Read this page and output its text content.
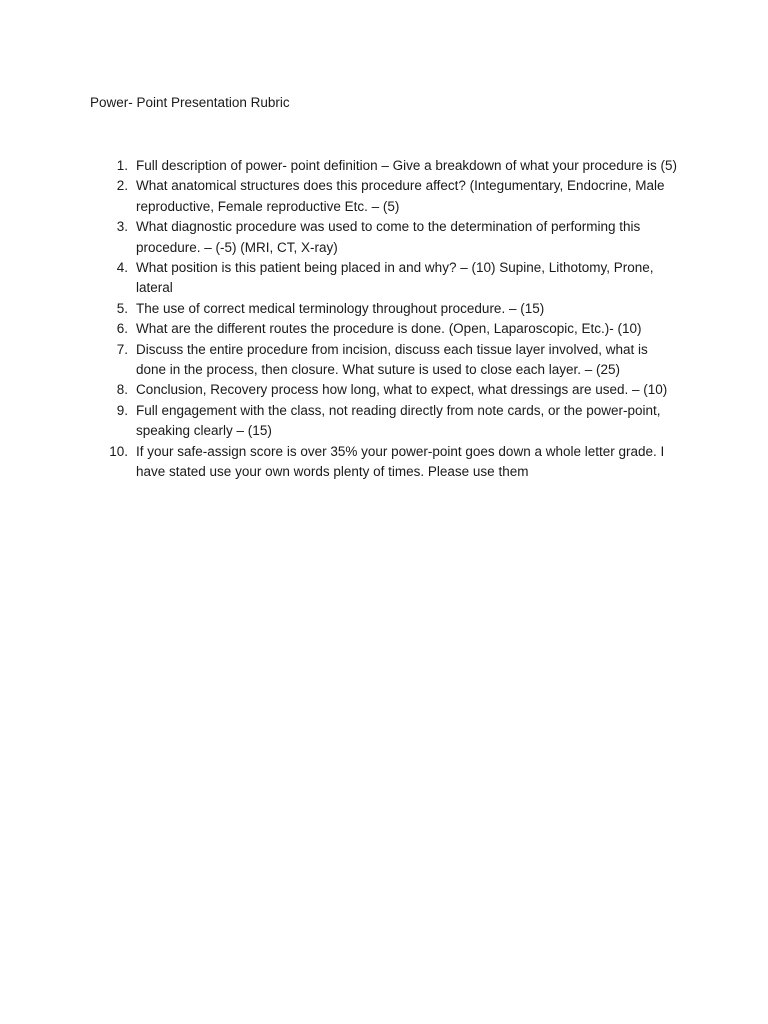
Power- Point Presentation Rubric
1. Full description of power- point definition – Give a breakdown of what your procedure is (5)
2. What anatomical structures does this procedure affect? (Integumentary, Endocrine, Male reproductive, Female reproductive Etc. – (5)
3. What diagnostic procedure was used to come to the determination of performing this procedure. – (-5) (MRI, CT, X-ray)
4. What position is this patient being placed in and why? – (10) Supine, Lithotomy, Prone, lateral
5. The use of correct medical terminology throughout procedure. – (15)
6. What are the different routes the procedure is done. (Open, Laparoscopic, Etc.)- (10)
7. Discuss the entire procedure from incision, discuss each tissue layer involved, what is done in the process, then closure. What suture is used to close each layer. – (25)
8. Conclusion, Recovery process how long, what to expect, what dressings are used. – (10)
9. Full engagement with the class, not reading directly from note cards, or the power-point, speaking clearly – (15)
10. If your safe-assign score is over 35% your power-point goes down a whole letter grade. I have stated use your own words plenty of times. Please use them
